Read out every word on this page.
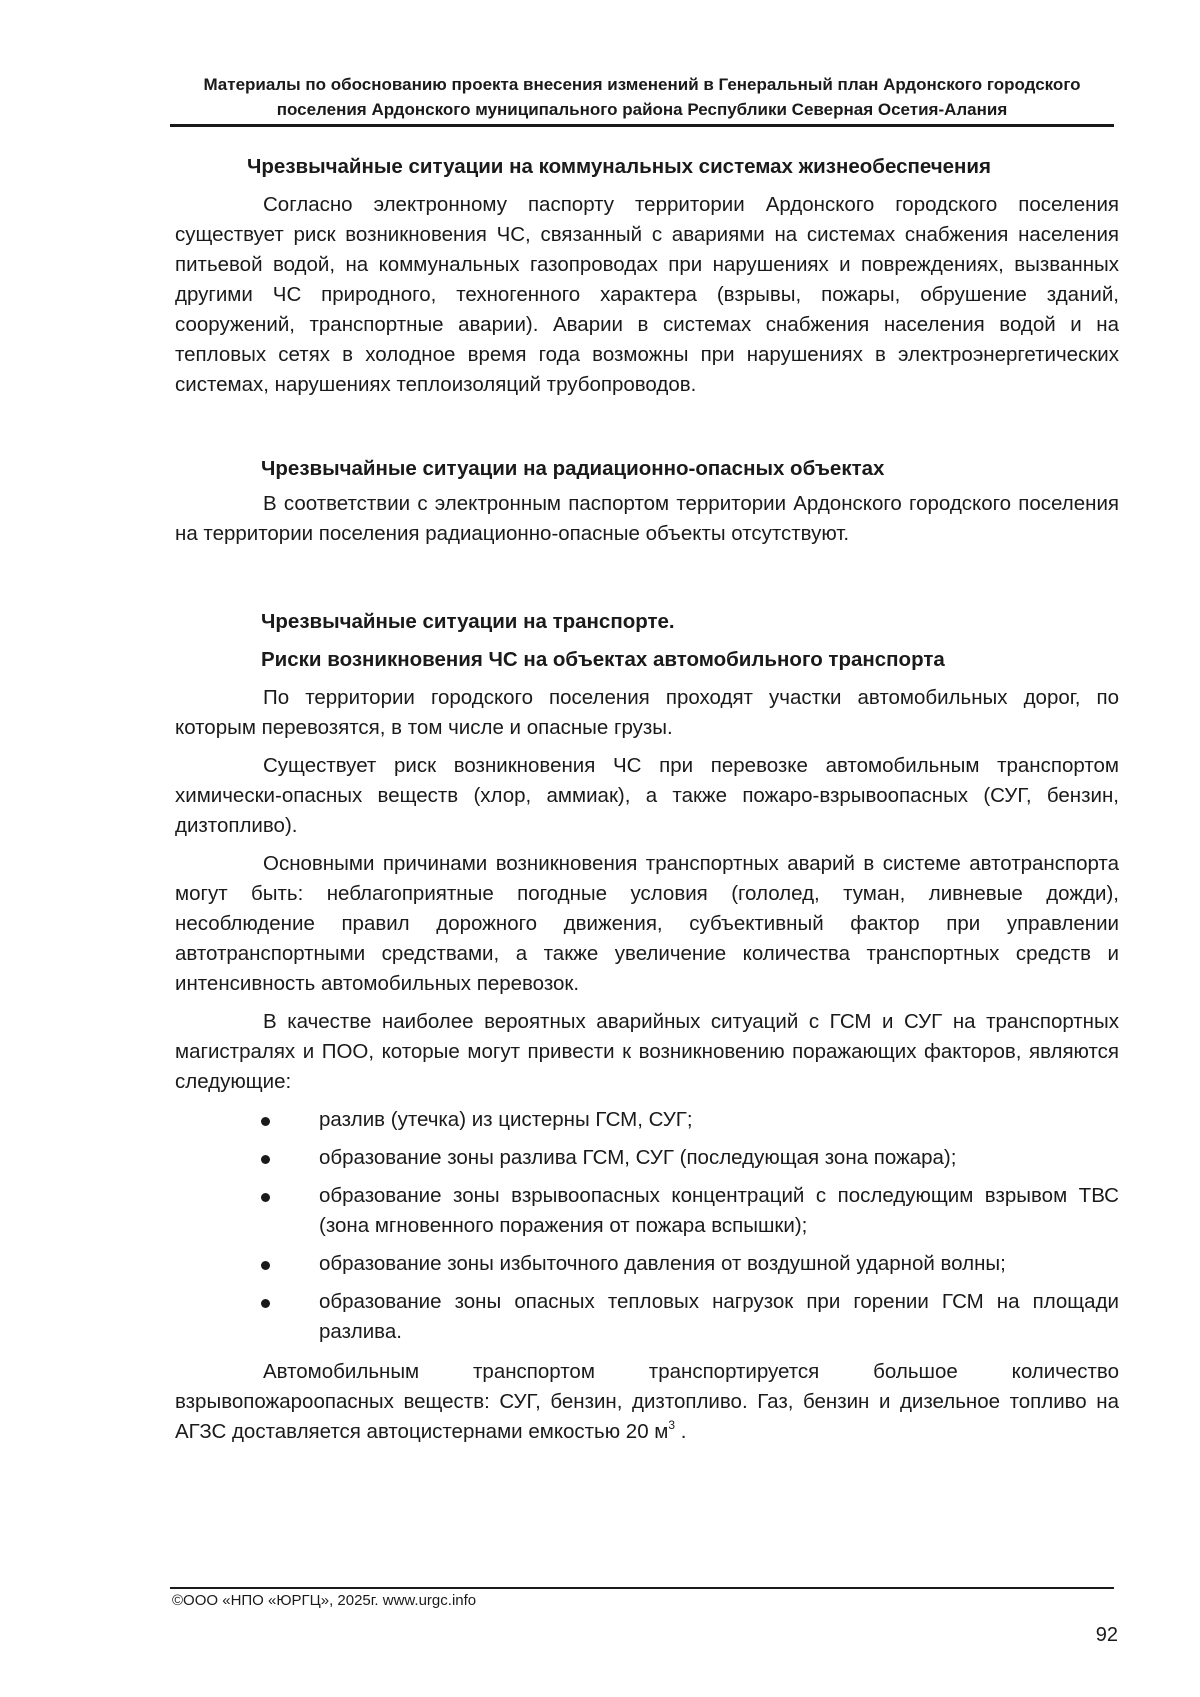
Материалы по обоснованию проекта внесения изменений в Генеральный план Ардонского городского
поселения Ардонского муниципального района Республики Северная Осетия-Алания

Чрезвычайные ситуации на коммунальных системах жизнеобеспечения

Согласно электронному паспорту территории Ардонского городского поселения существует риск возникновения ЧС, связанный с авариями на системах снабжения населения питьевой водой, на коммунальных газопроводах при нарушениях и повреждениях, вызванных другими ЧС природного, техногенного характера (взрывы, пожары, обрушение зданий, сооружений, транспортные аварии). Аварии в системах снабжения населения водой и на тепловых сетях в холодное время года возможны при нарушениях в электроэнергетических системах, нарушениях теплоизоляций трубопроводов.

Чрезвычайные ситуации на радиационно-опасных объектах

В соответствии с электронным паспортом территории Ардонского городского поселения на территории поселения радиационно-опасные объекты отсутствуют.

Чрезвычайные ситуации на транспорте.

Риски возникновения ЧС на объектах автомобильного транспорта

По территории городского поселения проходят участки автомобильных дорог, по которым перевозятся, в том числе и опасные грузы.

Существует риск возникновения ЧС при перевозке автомобильным транспортом химически-опасных веществ (хлор, аммиак), а также пожаро-взрывоопасных (СУГ, бензин, дизтопливо).

Основными причинами возникновения транспортных аварий в системе автотранспорта могут быть: неблагоприятные погодные условия (гололед, туман, ливневые дожди), несоблюдение правил дорожного движения, субъективный фактор при управлении автотранспортными средствами, а также увеличение количества транспортных средств и интенсивность автомобильных перевозок.

В качестве наиболее вероятных аварийных ситуаций с ГСМ и СУГ на транспортных магистралях и ПОО, которые могут привести к возникновению поражающих факторов, являются следующие:

разлив (утечка) из цистерны ГСМ, СУГ;
образование зоны разлива ГСМ, СУГ (последующая зона пожара);
образование зоны взрывоопасных концентраций с последующим взрывом ТВС (зона мгновенного поражения от пожара вспышки);
образование зоны избыточного давления от воздушной ударной волны;
образование зоны опасных тепловых нагрузок при горении ГСМ на площади разлива.

Автомобильным транспортом транспортируется большое количество взрывопожароопасных веществ: СУГ, бензин, дизтопливо. Газ, бензин и дизельное топливо на АГЗС доставляется автоцистернами емкостью 20 $м^3$ .

©ООО «НПО «ЮРГЦ», 2025г. www.urgc.info
92
